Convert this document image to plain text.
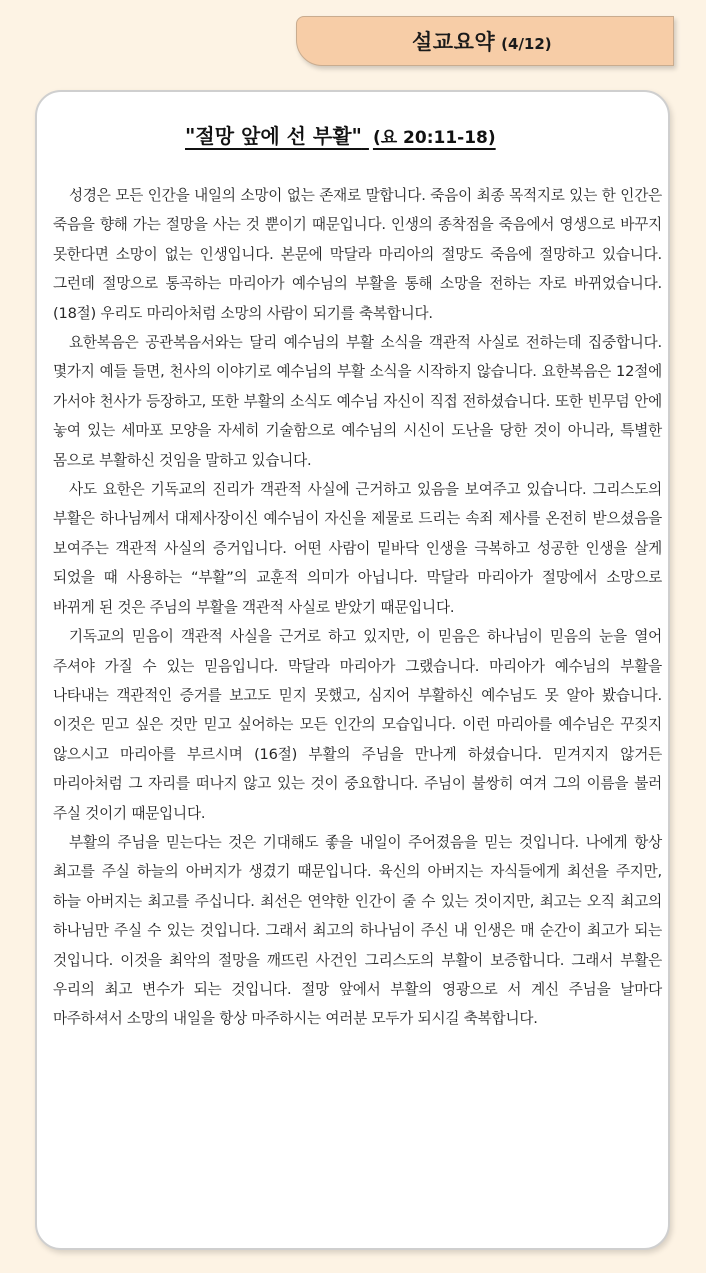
설교요약 (4/12)
"절망 앞에 선 부활" (요 20:11-18)

성경은 모든 인간을 내일의 소망이 없는 존재로 말합니다. 죽음이 최종 목적지로 있는 한 인간은 죽음을 향해 가는 절망을 사는 것 뿐이기 때문입니다. 인생의 종착점을 죽음에서 영생으로 바꾸지 못한다면 소망이 없는 인생입니다. 본문에 막달라 마리아의 절망도 죽음에 절망하고 있습니다. 그런데 절망으로 통곡하는 마리아가 예수님의 부활을 통해 소망을 전하는 자로 바뀌었습니다. (18절) 우리도 마리아처럼 소망의 사람이 되기를 축복합니다.

요한복음은 공관복음서와는 달리 예수님의 부활 소식을 객관적 사실로 전하는데 집중합니다. 몇가지 예들 들면, 천사의 이야기로 예수님의 부활 소식을 시작하지 않습니다. 요한복음은 12절에 가서야 천사가 등장하고, 또한 부활의 소식도 예수님 자신이 직접 전하셨습니다. 또한 빈무덤 안에 놓여 있는 세마포 모양을 자세히 기술함으로 예수님의 시신이 도난을 당한 것이 아니라, 특별한 몸으로 부활하신 것임을 말하고 있습니다.

사도 요한은 기독교의 진리가 객관적 사실에 근거하고 있음을 보여주고 있습니다. 그리스도의 부활은 하나님께서 대제사장이신 예수님이 자신을 제물로 드리는 속죄 제사를 온전히 받으셨음을 보여주는 객관적 사실의 증거입니다. 어떤 사람이 밑바닥 인생을 극복하고 성공한 인생을 살게 되었을 때 사용하는 “부활”의 교훈적 의미가 아닙니다. 막달라 마리아가 절망에서 소망으로 바뀌게 된 것은 주님의 부활을 객관적 사실로 받았기 때문입니다.

기독교의 믿음이 객관적 사실을 근거로 하고 있지만, 이 믿음은 하나님이 믿음의 눈을 열어 주셔야 가질 수 있는 믿음입니다. 막달라 마리아가 그랬습니다. 마리아가 예수님의 부활을 나타내는 객관적인 증거를 보고도 믿지 못했고, 심지어 부활하신 예수님도 못 알아 봤습니다. 이것은 믿고 싶은 것만 믿고 싶어하는 모든 인간의 모습입니다. 이런 마리아를 예수님은 꾸짖지 않으시고 마리아를 부르시며 (16절) 부활의 주님을 만나게 하셨습니다. 믿겨지지 않거든 마리아처럼 그 자리를 떠나지 않고 있는 것이 중요합니다. 주님이 불쌍히 여겨 그의 이름을 불러 주실 것이기 때문입니다.

부활의 주님을 믿는다는 것은 기대해도 좋을 내일이 주어졌음을 믿는 것입니다. 나에게 항상 최고를 주실 하늘의 아버지가 생겼기 때문입니다. 육신의 아버지는 자식들에게 최선을 주지만, 하늘 아버지는 최고를 주십니다. 최선은 연약한 인간이 줄 수 있는 것이지만, 최고는 오직 최고의 하나님만 주실 수 있는 것입니다. 그래서 최고의 하나님이 주신 내 인생은 매 순간이 최고가 되는 것입니다. 이것을 최악의 절망을 깨뜨린 사건인 그리스도의 부활이 보증합니다. 그래서 부활은 우리의 최고 변수가 되는 것입니다. 절망 앞에서 부활의 영광으로 서 계신 주님을 날마다 마주하셔서 소망의 내일을 항상 마주하시는 여러분 모두가 되시길 축복합니다.
